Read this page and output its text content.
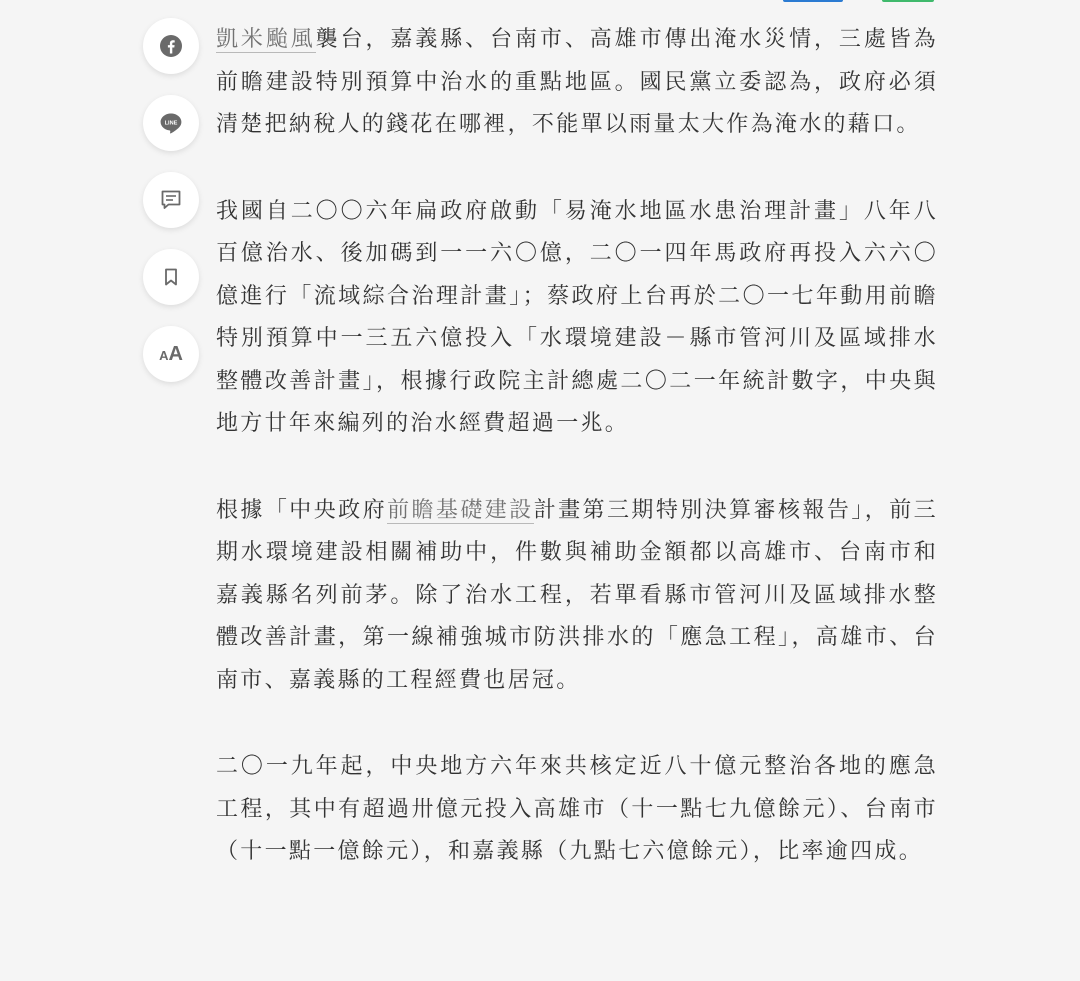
LINE
AA

凱米颱風襲台，嘉義縣、台南市、高雄市傳出淹水災情，三處皆為前瞻建設特別預算中治水的重點地區。國民黨立委認為，政府必須清楚把納稅人的錢花在哪裡，不能單以雨量太大作為淹水的藉口。

我國自二〇〇六年扁政府啟動「易淹水地區水患治理計畫」八年八百億治水、後加碼到一一六〇億，二〇一四年馬政府再投入六六〇億進行「流域綜合治理計畫」；蔡政府上台再於二〇一七年動用前瞻特別預算中一三五六億投入「水環境建設－縣市管河川及區域排水整體改善計畫」，根據行政院主計總處二〇二一年統計數字，中央與地方廿年來編列的治水經費超過一兆。

根據「中央政府前瞻基礎建設計畫第三期特別決算審核報告」，前三期水環境建設相關補助中，件數與補助金額都以高雄市、台南市和嘉義縣名列前茅。除了治水工程，若單看縣市管河川及區域排水整體改善計畫，第一線補強城市防洪排水的「應急工程」，高雄市、台南市、嘉義縣的工程經費也居冠。

二〇一九年起，中央地方六年來共核定近八十億元整治各地的應急工程，其中有超過卅億元投入高雄市（十一點七九億餘元）、台南市（十一點一億餘元），和嘉義縣（九點七六億餘元），比率逾四成。
